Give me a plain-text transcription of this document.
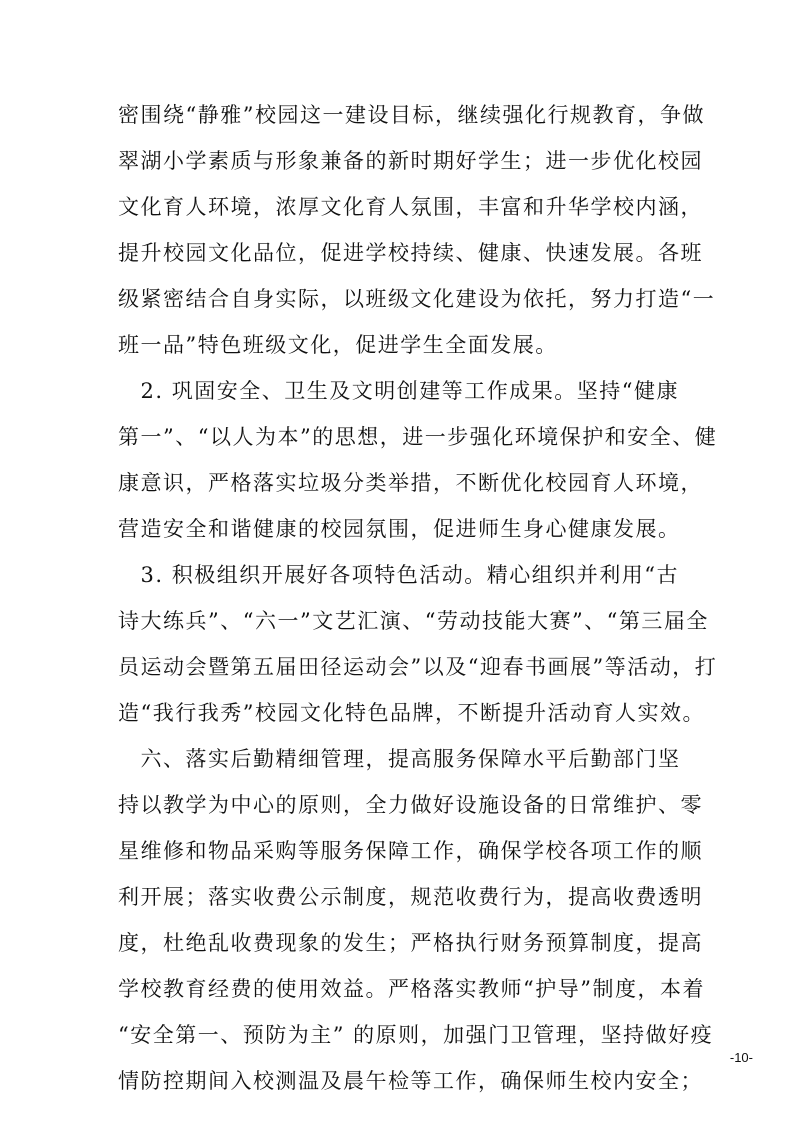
密围绕“静雅”校园这一建设目标，继续强化行规教育，争做
翠湖小学素质与形象兼备的新时期好学生；进一步优化校园
文化育人环境，浓厚文化育人氛围，丰富和升华学校内涵，
提升校园文化品位，促进学校持续、健康、快速发展。各班
级紧密结合自身实际，以班级文化建设为依托，努力打造“一
班一品”特色班级文化，促进学生全面发展。
　2. 巩固安全、卫生及文明创建等工作成果。坚持“健康
第一”、“以人为本”的思想，进一步强化环境保护和安全、健
康意识，严格落实垃圾分类举措，不断优化校园育人环境，
营造安全和谐健康的校园氛围，促进师生身心健康发展。
　3. 积极组织开展好各项特色活动。精心组织并利用“古
诗大练兵”、“六一”文艺汇演、“劳动技能大赛”、“第三届全
员运动会暨第五届田径运动会”以及“迎春书画展”等活动，打
造“我行我秀”校园文化特色品牌，不断提升活动育人实效。
　六、落实后勤精细管理，提高服务保障水平后勤部门坚
持以教学为中心的原则，全力做好设施设备的日常维护、零
星维修和物品采购等服务保障工作，确保学校各项工作的顺
利开展；落实收费公示制度，规范收费行为，提高收费透明
度，杜绝乱收费现象的发生；严格执行财务预算制度，提高
学校教育经费的使用效益。严格落实教师“护导”制度，本着
“安全第一、预防为主” 的原则，加强门卫管理，坚持做好疫
情防控期间入校测温及晨午检等工作，确保师生校内安全；
-10-
